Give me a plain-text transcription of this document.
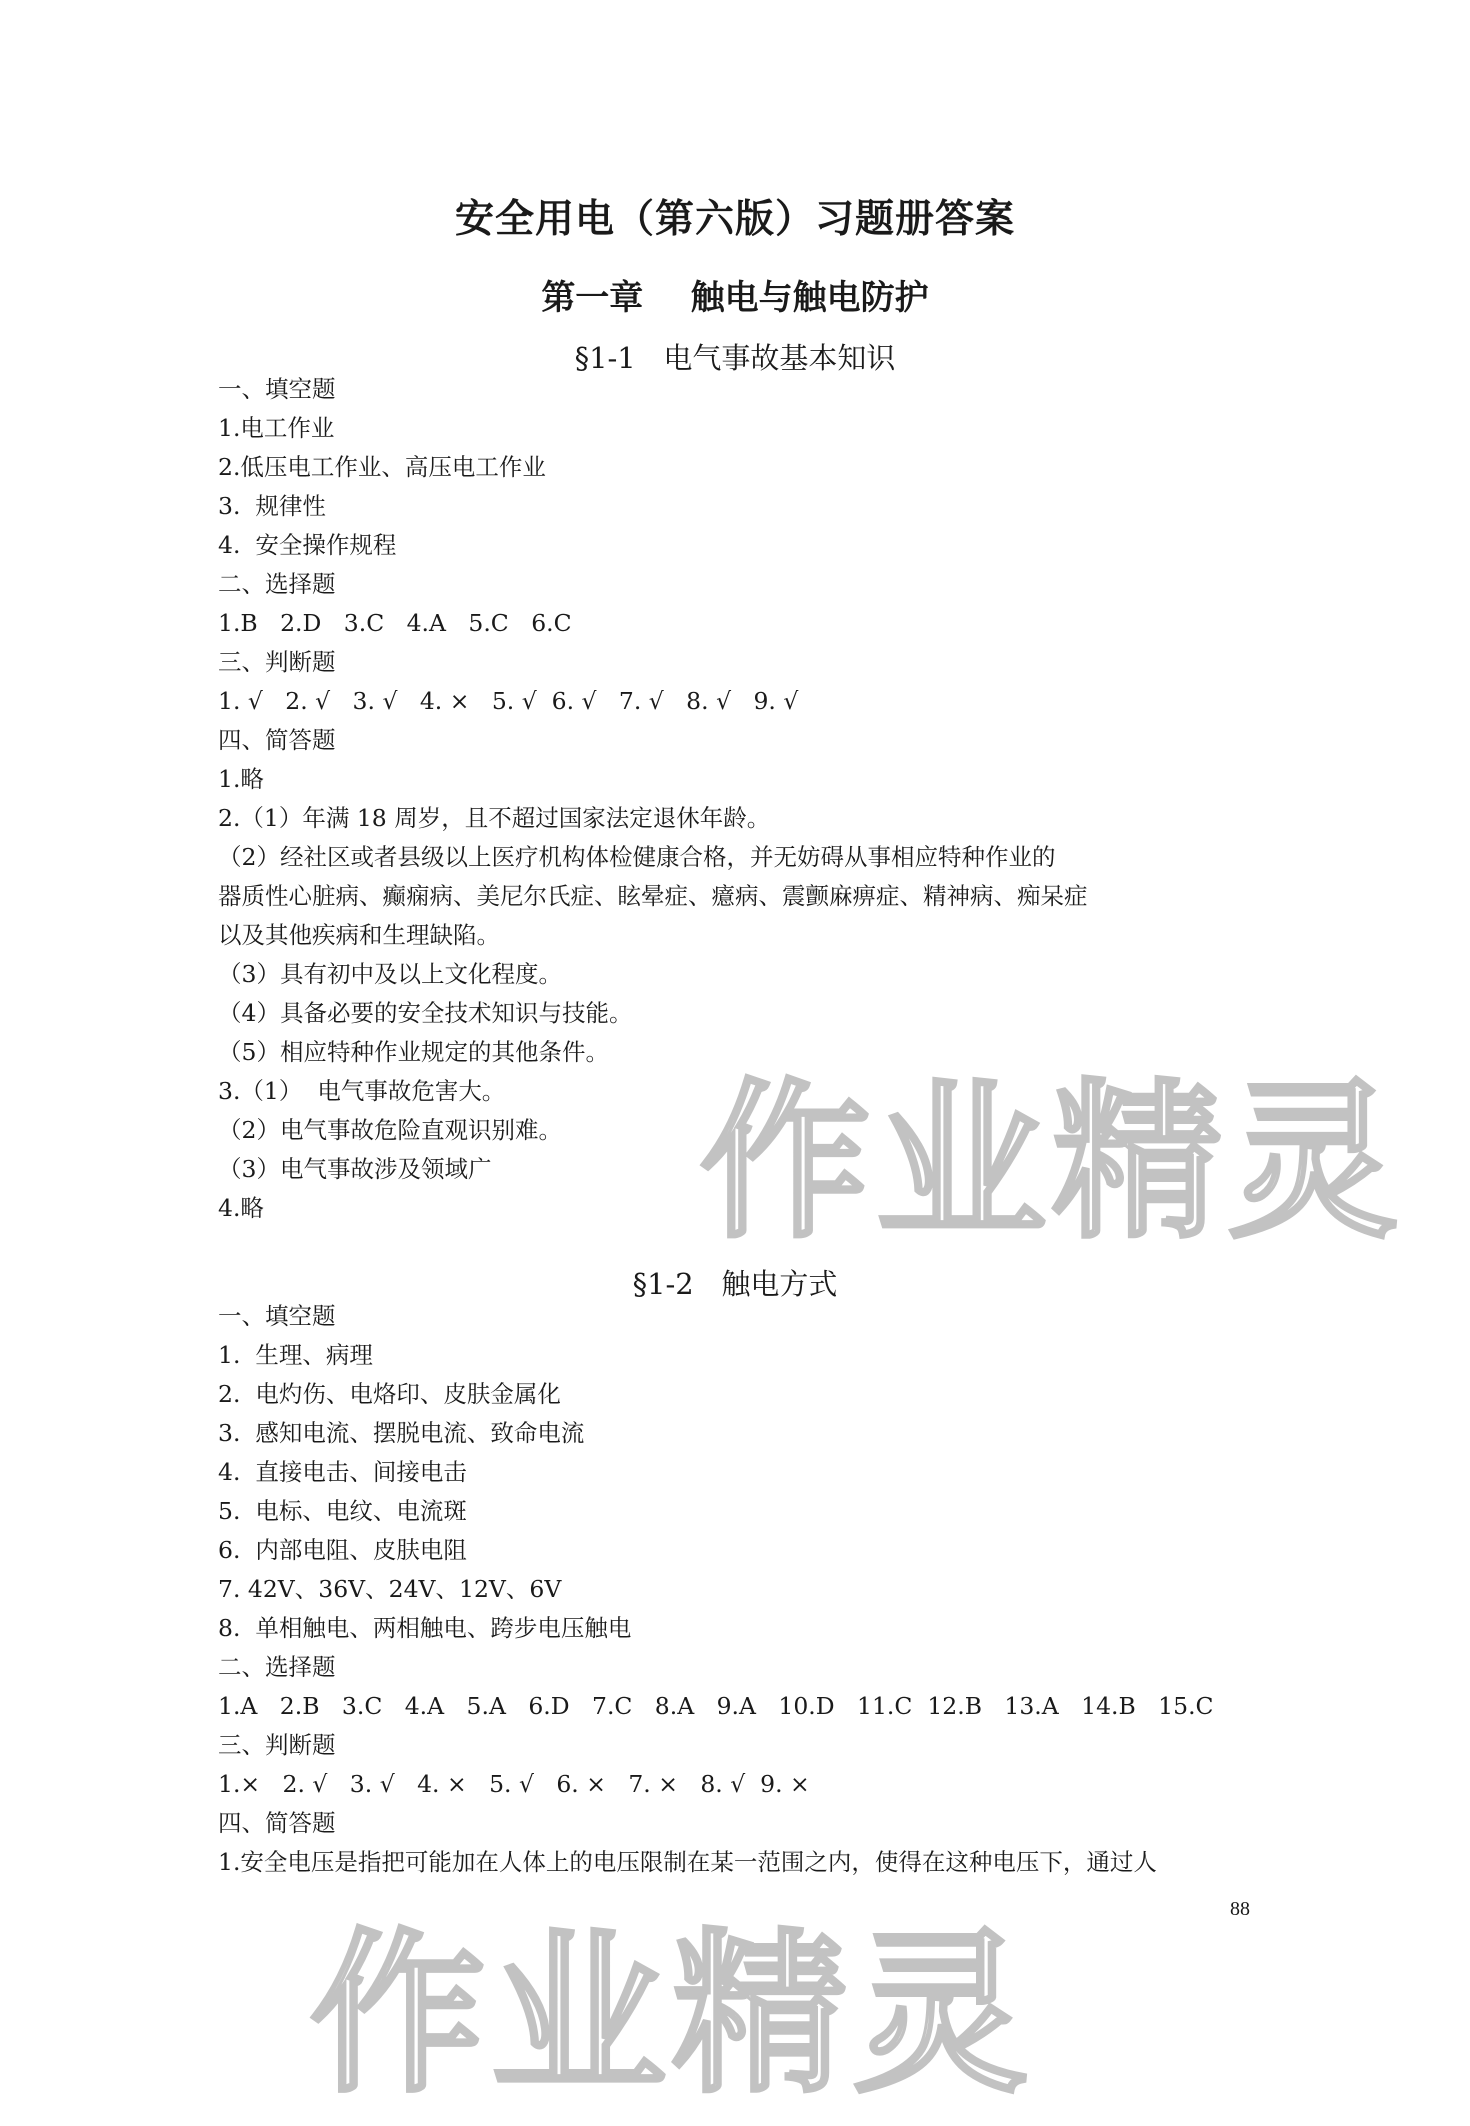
安全用电（第六版）习题册答案
第一章    触电与触电防护
§1-1   电气事故基本知识
一、填空题
1.电工作业
2.低压电工作业、高压电工作业
3.  规律性
4.  安全操作规程
二、选择题
1.B   2.D   3.C   4.A   5.C   6.C
三、判断题
1. √   2. √   3. √   4. ×   5. √  6. √   7. √   8. √   9. √
四、简答题
1.略
2.（1）年满 18 周岁，且不超过国家法定退休年龄。
（2）经社区或者县级以上医疗机构体检健康合格，并无妨碍从事相应特种作业的
器质性心脏病、癫痫病、美尼尔氏症、眩晕症、癔病、震颤麻痹症、精神病、痴呆症
以及其他疾病和生理缺陷。
（3）具有初中及以上文化程度。
（4）具备必要的安全技术知识与技能。
（5）相应特种作业规定的其他条件。
3.（1）  电气事故危害大。
（2）电气事故危险直观识别难。
（3）电气事故涉及领域广
4.略
§1-2   触电方式
一、填空题
1.  生理、病理
2.  电灼伤、电烙印、皮肤金属化
3.  感知电流、摆脱电流、致命电流
4.  直接电击、间接电击
5.  电标、电纹、电流斑
6.  内部电阻、皮肤电阻
7. 42V、36V、24V、12V、6V
8.  单相触电、两相触电、跨步电压触电
二、选择题
1.A   2.B   3.C   4.A   5.A   6.D   7.C   8.A   9.A   10.D   11.C  12.B   13.A   14.B   15.C
三、判断题
1.×   2. √   3. √   4. ×   5. √   6. ×   7. ×   8. √  9. ×
四、简答题
1.安全电压是指把可能加在人体上的电压限制在某一范围之内，使得在这种电压下，通过人
作业精灵
作业精灵
88
